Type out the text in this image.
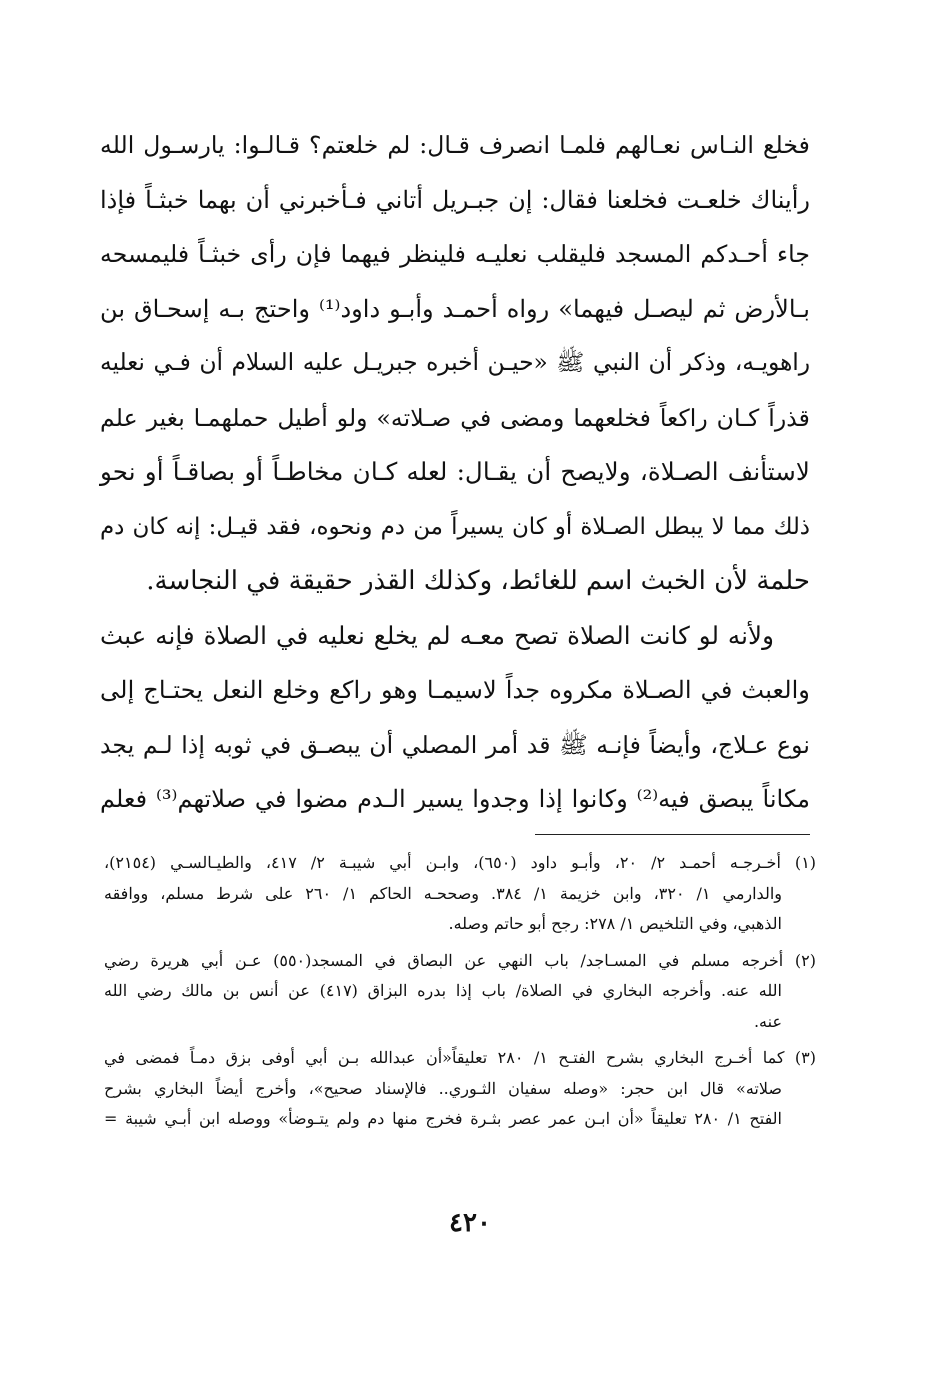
فخلع النـاس نعـالهم فلمـا انصرف قـال: لم خلعتم؟ قـالـوا: يارسـول الله
رأيناك خلعـت فخلعنا فقال: إن جبـريل أتاني فـأخبرني أن بهما خبثـاً فإذا
جاء أحـدكم المسجد فليقلب نعليـه فلينظر فيهما فإن رأى خبثـاً فليمسحه
بـالأرض ثم ليصـل فيهما» رواه أحمـد وأبـو داود⁽¹⁾ واحتج بـه إسحـاق بن
راهويـه، وذكر أن النبي ﷺ «حيـن أخبره جبريـل عليه السلام أن فـي نعليه
قذراً كـان راكعاً فخلعهما ومضى في صـلاته» ولو أطيل حملهمـا بغير علم
لاستأنف الصـلاة، ولايصح أن يقـال: لعله كـان مخاطـاً أو بصاقـاً أو نحو
ذلك مما لا يبطل الصـلاة أو كان يسيراً من دم ونحوه، فقد قيـل: إنه كان دم
حلمة لأن الخبث اسم للغائط، وكذلك القذر حقيقة في النجاسة.
ولأنه لو كانت الصلاة تصح معـه لم يخلع نعليه في الصلاة فإنه عبث
والعبث في الصـلاة مكروه جداً لاسيمـا وهو راكع وخلع النعل يحتـاج إلى
نوع عـلاج، وأيضاً فإنـه ﷺ قد أمر المصلي أن يبصـق في ثوبه إذا لـم يجد
مكاناً يبصق فيه⁽²⁾ وكانوا إذا وجدوا يسير الـدم مضوا في صلاتهم⁽³⁾ فعلم
(١) أخـرجـه أحمـد ٢/ ٢٠، وأبـو داود (٦٥٠)، وابـن أبي شيبـة ٢/ ٤١٧، والطيـالسـي (٢١٥٤)،
والدارمي ١/ ٣٢٠، وابن خزيمة ١/ ٣٨٤. وصححـه الحاكم ١/ ٢٦٠ على شرط مسلم، ووافقه
الذهبي، وفي التلخيص ١/ ٢٧٨: رجح أبو حاتم وصله.
(٢) أخرجه مسلم في المسـاجد/ باب النهي عن البصاق في المسجد(٥٥٠) عـن أبي هريرة رضي
الله عنه. وأخرجه البخاري في الصلاة/ باب إذا بدره البزاق (٤١٧) عن أنس بن مالك رضي الله
عنه.
(٣) كما أخـرج البخاري بشرح الفتـح ١/ ٢٨٠ تعليقاً«أن عبدالله بـن أبي أوفى بزق دمـاً فمضى في
صلاته» قال ابن حجر: «وصله سفيان الثـوري.. فالإسناد صحيح»، وأخرج أيضاً البخاري بشرح
الفتح ١/ ٢٨٠ تعليقاً «أن ابـن عمر عصر بثـرة فخرج منها دم ولم يتـوضأ» ووصله ابن أبـي شيبة =
٤٢٠
